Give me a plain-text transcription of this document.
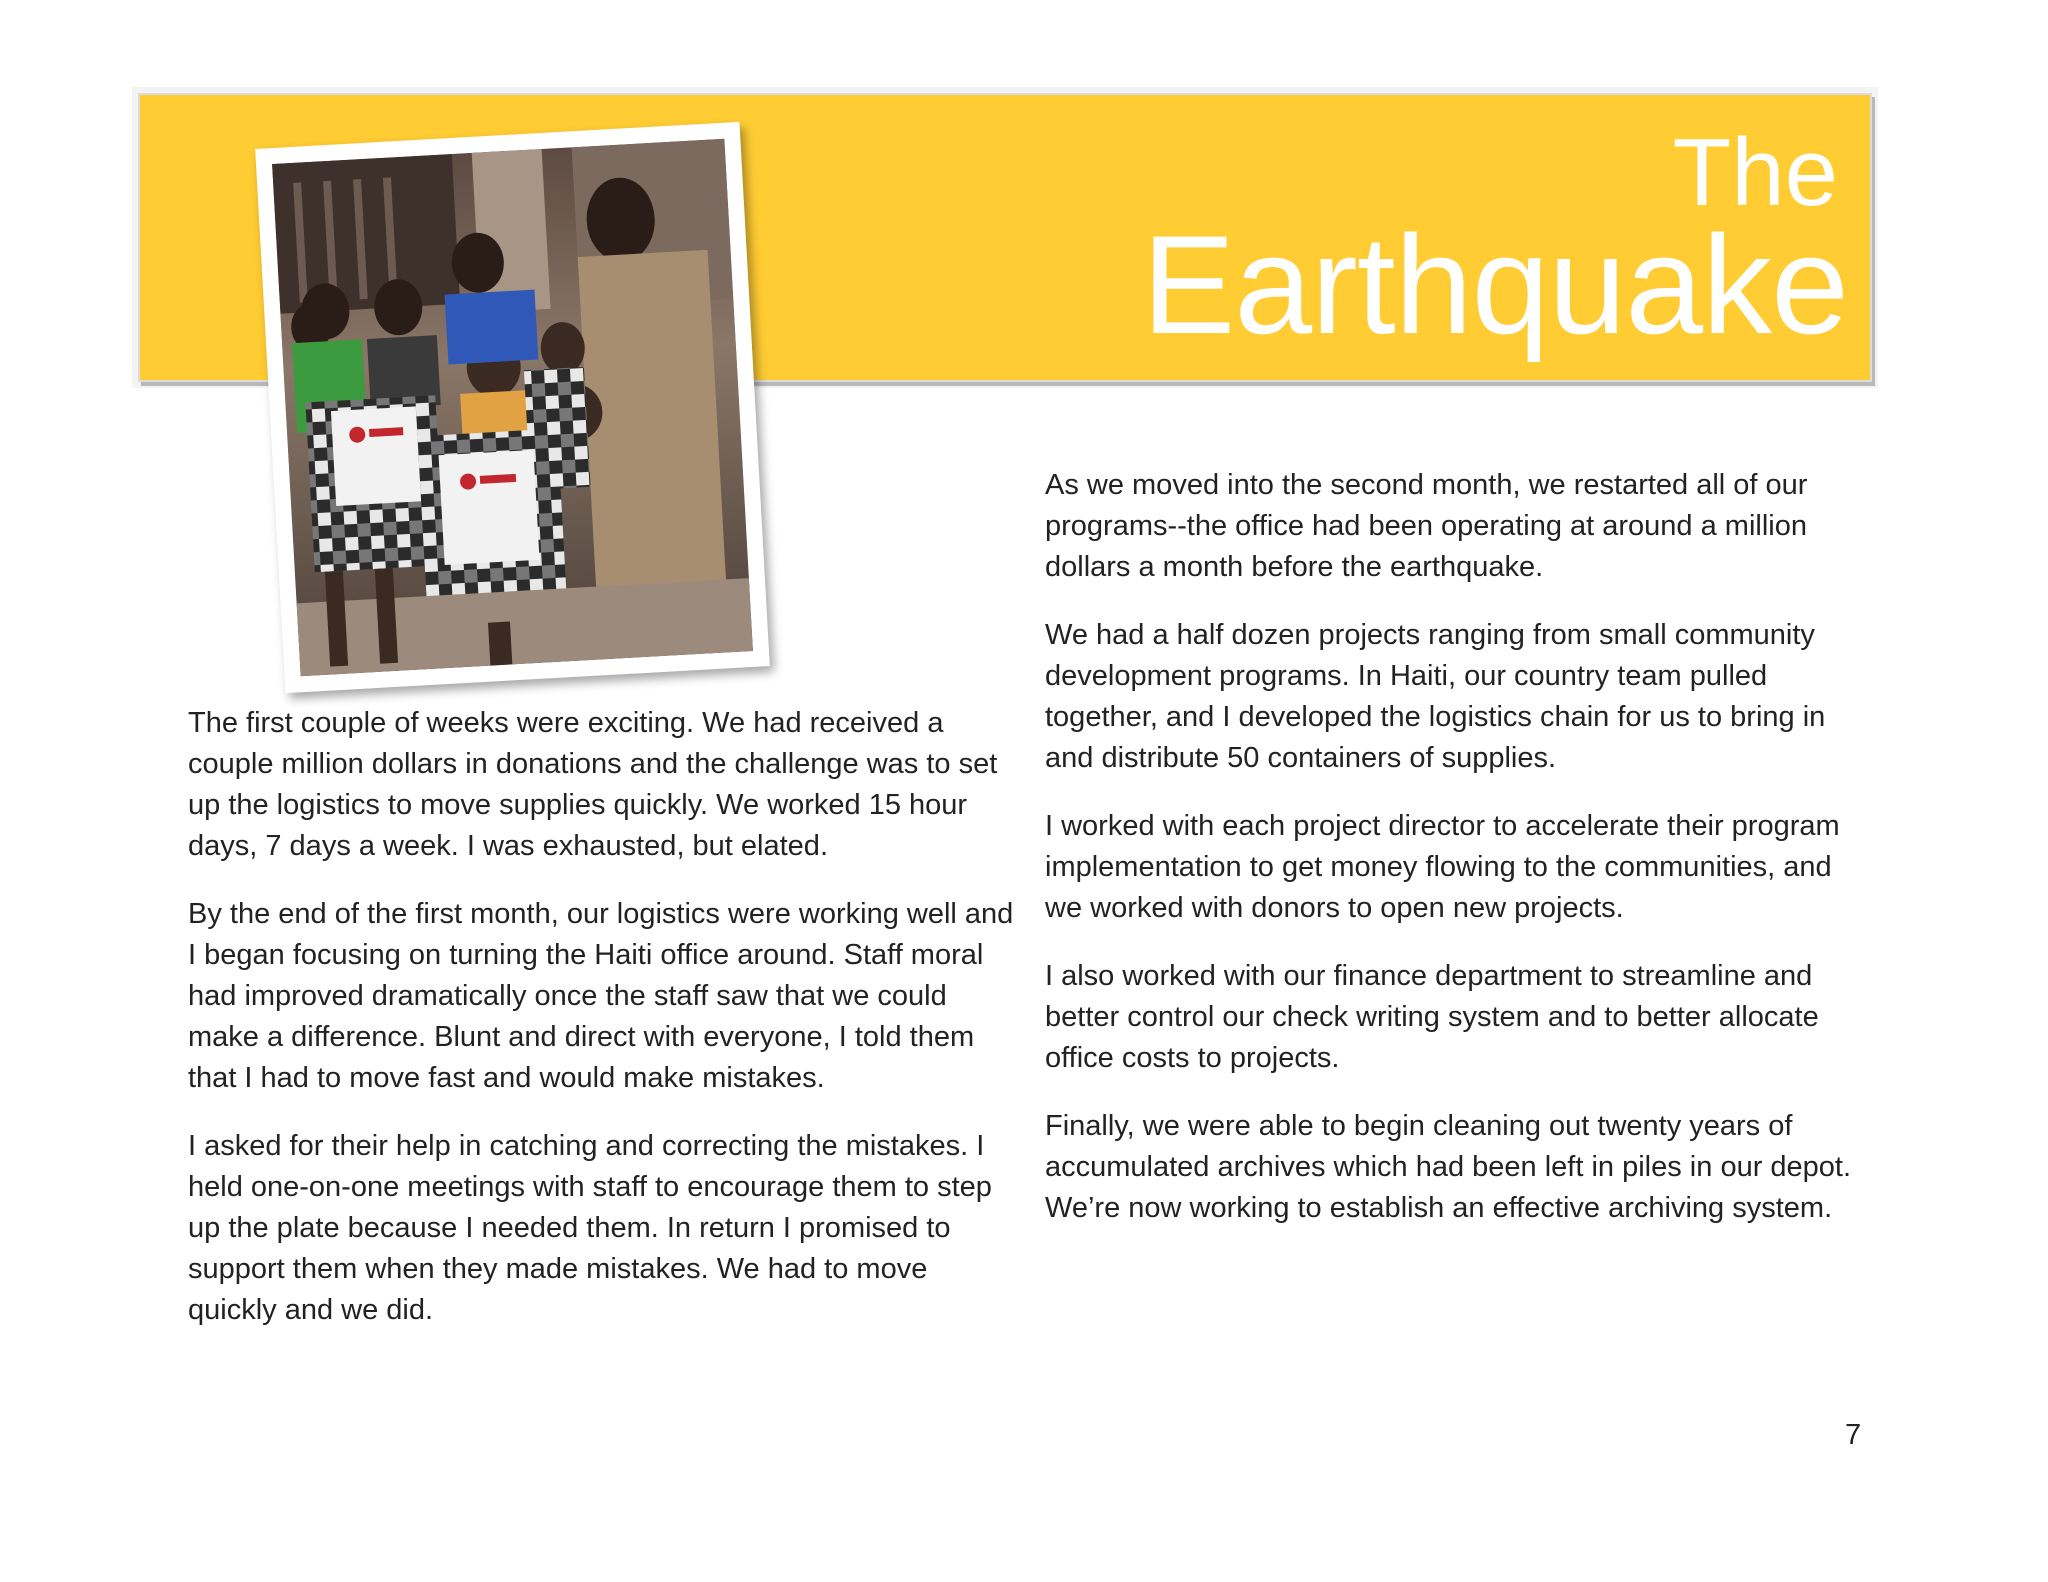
The
Earthquake

The first couple of weeks were exciting. We had received a couple million dollars in donations and the challenge was to set up the logistics to move supplies quickly. We worked 15 hour days, 7 days a week. I was exhausted, but elated.

By the end of the first month, our logistics were working well and I began focusing on turning the Haiti office around. Staff moral had improved dramatically once the staff saw that we could make a difference. Blunt and direct with everyone, I told them that I had to move fast and would make mistakes.

I asked for their help in catching and correcting the mistakes. I held one-on-one meetings with staff to encourage them to step up the plate because I needed them. In return I promised to support them when they made mistakes. We had to move quickly and we did.

As we moved into the second month, we restarted all of our programs--the office had been operating at around a million dollars a month before the earthquake.

We had a half dozen projects ranging from small community development programs. In Haiti, our country team pulled together, and I developed the logistics chain for us to bring in and distribute 50 containers of supplies.

I worked with each project director to accelerate their program implementation to get money flowing to the communities, and we worked with donors to open new projects.

I also worked with our finance department to streamline and better control our check writing system and to better allocate office costs to projects.

Finally, we were able to begin cleaning out twenty years of accumulated archives which had been left in piles in our depot. We’re now working to establish an effective archiving system.

7
